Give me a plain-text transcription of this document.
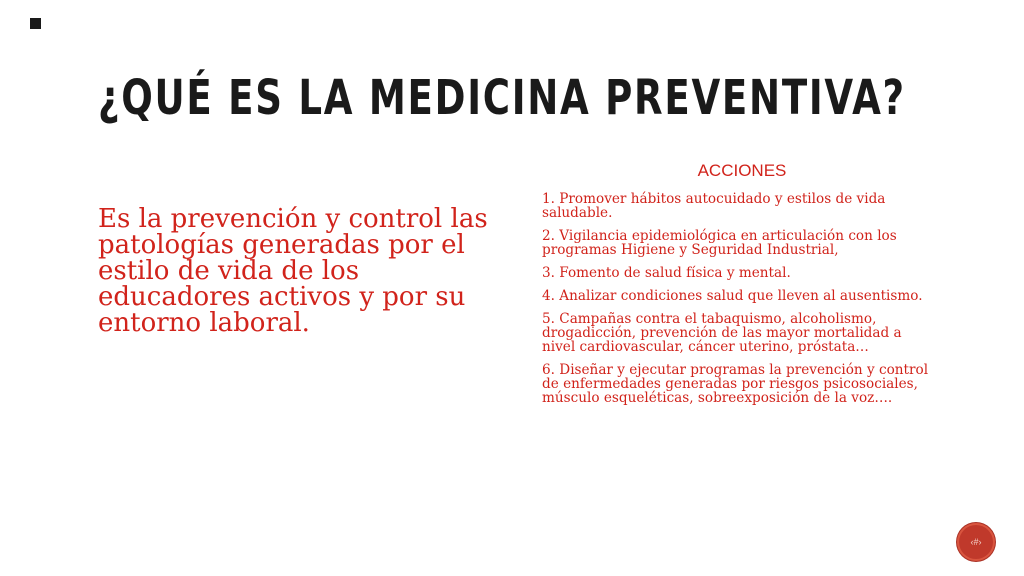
¿QUÉ ES LA MEDICINA PREVENTIVA?

Es la prevención y control las patologías generadas por el estilo de vida de los educadores activos y por su entorno laboral.

ACCIONES
1. Promover hábitos autocuidado y estilos de vida saludable.
2. Vigilancia epidemiológica en articulación con los programas Higiene y Seguridad Industrial,
3. Fomento de salud física y mental.
4. Analizar condiciones salud que lleven al ausentismo.
5. Campañas contra el tabaquismo, alcoholismo, drogadicción, prevención de las mayor mortalidad a nivel cardiovascular, cáncer uterino, próstata…
6. Diseñar y ejecutar programas la prevención y control de enfermedades generadas por riesgos psicosociales, músculo esqueléticas, sobreexposición de la voz….
‹#›
